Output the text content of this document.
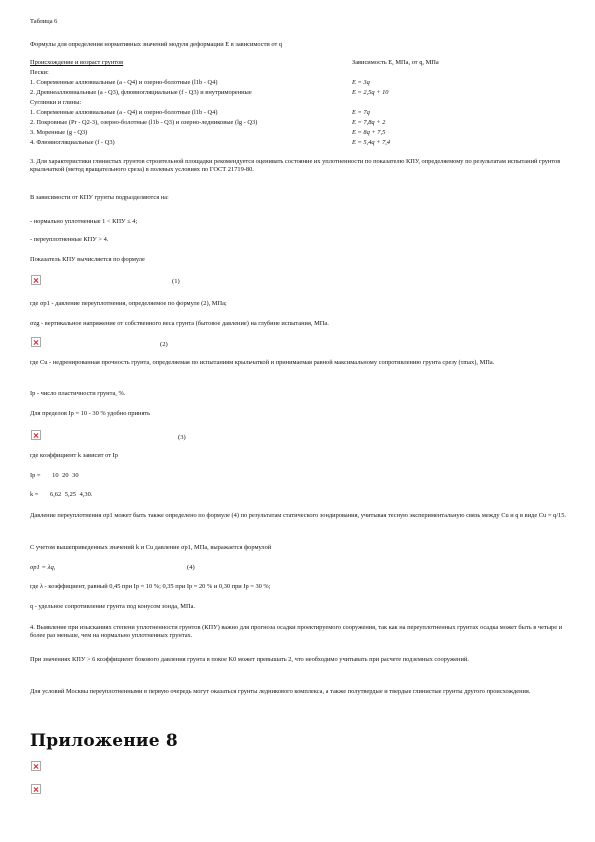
Таблица 6

Формулы для определения нормативных значений модуля деформации E в зависимости от q

Происхождение и возраст грунтов	Зависимость E, МПа, от q, МПа
Пески:
1. Современные аллювиальные (a - Q4) и озерно-болотные (l1b - Q4)	E = 3q
2. Древнеаллювиальные (a - Q3), флювиогляциальные (f - Q3) и внутриморенные	E = 2,5q + 10
Суглинки и глины:
1. Современные аллювиальные (a - Q4) и озерно-болотные (l1b - Q4)	E = 7q
2. Покровные (Pr - Q2-3), озерно-болотные (l1b - Q3) и озерно-ледниковые (lg - Q3)	E = 7,8q + 2
3. Моренные (g - Q3)	E = 8q + 7,5
4. Флювиогляциальные (f - Q3)	E = 5,4q + 7,4

3. Для характеристики глинистых грунтов строительной площадки рекомендуется оценивать состояние их уплотненности по показателю КПУ, определяемому по результатам испытаний грунтов крыльчаткой (метод вращательного среза) в полевых условиях по ГОСТ 21719-80.

В зависимости от КПУ грунты подразделяются на:

- нормально уплотненные 1 < КПУ ≤ 4;

- переуплотненные КПУ > 4.

Показатель КПУ вычисляется по формуле

(1)

где σp1 - давление переуплотнения, определяемое по формуле (2), МПа;

σzg - вертикальное напряжение от собственного веса грунта (бытовое давление) на глубине испытания, МПа.

(2)

где Cu - недренированная прочность грунта, определяемая по испытаниям крыльчаткой и принимаемая равной максимальному сопротивлению грунта срезу (τmax), МПа.

Ip - число пластичности грунта, %.

Для пределов Ip = 10 - 30 % удобно принять

(3)

где коэффициент k зависит от Ip

Ip = 10 20 30
k = 6,62 5,25 4,30.

Давление переуплотнения σp1 может быть также определено по формуле (4) по результатам статического зондирования, учитывая тесную экспериментальную связь между Cu и q в виде Cu = q/15.

С учетом вышеприведенных значений k и Cu давление σp1, МПа, выражается формулой

σp1 = λq,	(4)

где λ - коэффициент, равный 0,45 при Ip = 10 %; 0,35 при Ip = 20 % и 0,30 при Ip = 30 %;

q - удельное сопротивление грунта под конусом зонда, МПа.

4. Выявление при изысканиях степени уплотненности грунтов (КПУ) важно для прогноза осадки проектируемого сооружения, так как на переуплотненных грунтах осадка может быть в четыре и более раз меньше, чем на нормально уплотненных грунтах.

При значениях КПУ > 6 коэффициент бокового давления грунта в покое K0 может превышать 2, что необходимо учитывать при расчете подземных сооружений.

Для условий Москвы переуплотненными в первую очередь могут оказаться грунты ледникового комплекса, а также полутвердые и твердые глинистые грунты другого происхождения.

Приложение 8
